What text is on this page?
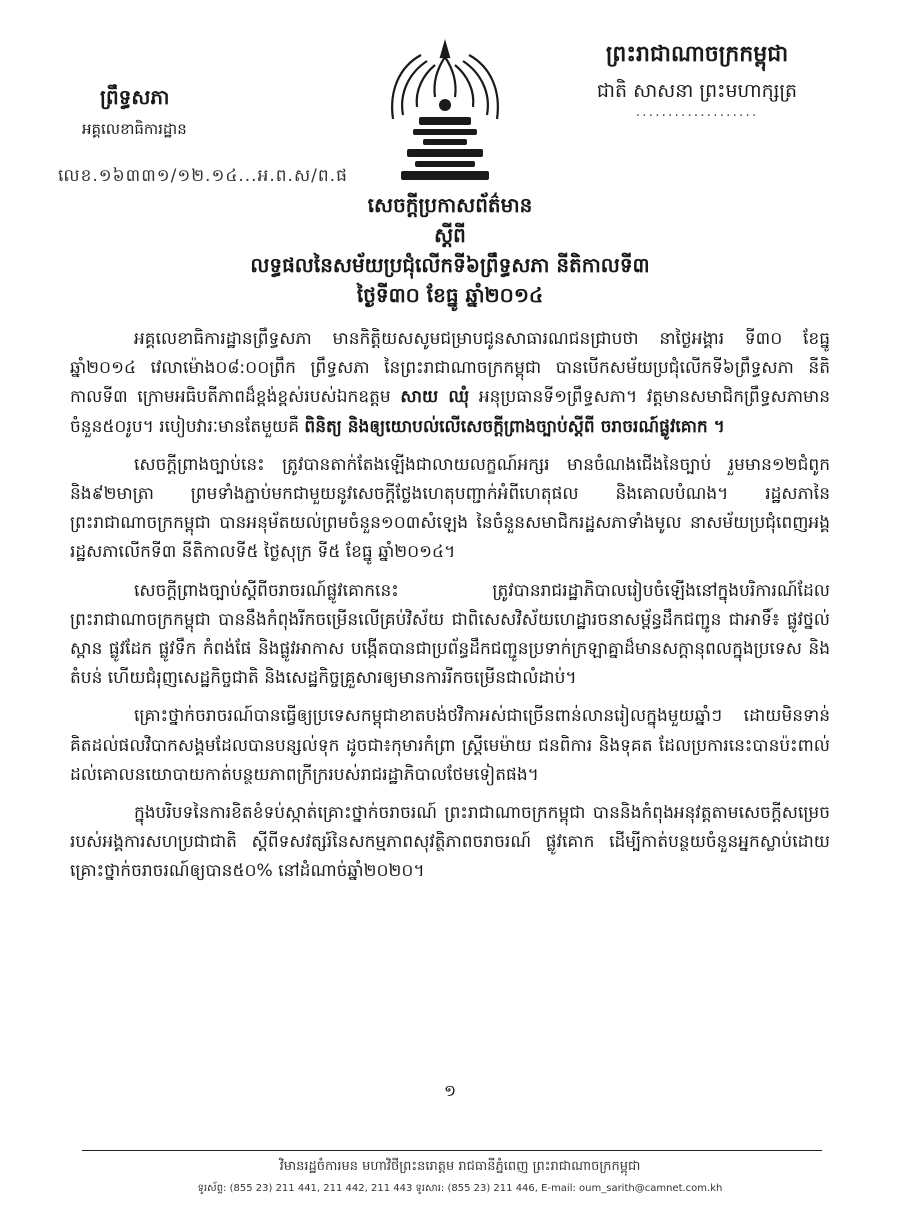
ព្រឹទ្ធសភា
អគ្គលេខាធិការដ្ឋាន
ព្រះរាជាណាចក្រកម្ពុជា
ជាតិ សាសនា ព្រះមហាក្សត្រ
···················
លេខ.១៦៣៣១/១២.១៤...អ.ព.ស/ព.ផ
សេចក្តីប្រកាសព័ត៌មាន
ស្តីពី
លទ្ធផលនៃសម័យប្រជុំលើកទី៦ព្រឹទ្ធសភា នីតិកាលទី៣
ថ្ងៃទី៣០ ខែធ្នូ ឆ្នាំ២០១៤

អគ្គលេខាធិការដ្ឋានព្រឹទ្ធសភា មានកិត្តិយសសូមជម្រាបជូនសាធារណជនជ្រាបថា នាថ្ងៃអង្គារ ទី៣០ ខែធ្នូ ឆ្នាំ២០១៤ វេលាម៉ោង០៨:០០ព្រឹក ព្រឹទ្ធសភា នៃព្រះរាជាណាចក្រកម្ពុជា បានបើកសម័យប្រជុំលើកទី៦ព្រឹទ្ធសភា នីតិកាលទី៣ ក្រោមអធិបតីភាពដ៏ខ្ពង់ខ្ពស់របស់ឯកឧត្តម សាយ ឈុំ អនុប្រធានទី១ព្រឹទ្ធសភា។ វត្តមានសមាជិកព្រឹទ្ធសភាមានចំនួន៥០រូប។ របៀបវារៈមានតែមួយគឺ ពិនិត្យ និងឲ្យយោបល់លើសេចក្តីព្រាងច្បាប់ស្តីពី ចរាចរណ៍ផ្លូវគោក ។

សេចក្តីព្រាងច្បាប់នេះ ត្រូវបានតាក់តែងឡើងជាលាយលក្ខណ៍អក្សរ មានចំណងជើងនៃច្បាប់ រួមមាន១២ជំពូក និង៩២មាត្រា ព្រមទាំងភ្ជាប់មកជាមួយនូវសេចក្តីថ្លែងហេតុបញ្ជាក់អំពីហេតុផល និងគោលបំណង។ រដ្ឋសភានៃព្រះរាជាណាចក្រកម្ពុជា បានអនុម័តយល់ព្រមចំនួន១០៣សំឡេង នៃចំនួនសមាជិករដ្ឋសភាទាំងមូល នាសម័យប្រជុំពេញអង្គរដ្ឋសភាលើកទី៣ នីតិកាលទី៥ ថ្ងៃសុក្រ ទី៥ ខែធ្នូ ឆ្នាំ២០១៤។

សេចក្តីព្រាងច្បាប់ស្តីពីចរាចរណ៍ផ្លូវគោកនេះ ត្រូវបានរាជរដ្ឋាភិបាលរៀបចំឡើងនៅក្នុងបរិការណ៍ដែលព្រះរាជាណាចក្រកម្ពុជា បាននឹងកំពុងរីកចម្រើនលើគ្រប់វិស័យ ជាពិសេសវិស័យហេដ្ឋារចនាសម្ព័ន្ធដឹកជញ្ជូន ជាអាទិ៍៖ ផ្លូវថ្នល់ ស្ពាន ផ្លូវដែក ផ្លូវទឹក កំពង់ផែ និងផ្លូវអាកាស បង្កើតបានជាប្រព័ន្ធដឹកជញ្ជូនប្រទាក់ក្រឡាគ្នាដ៏មានសក្តានុពលក្នុងប្រទេស និងតំបន់ ហើយជំរុញសេដ្ឋកិច្ចជាតិ និងសេដ្ឋកិច្ចគ្រួសារឲ្យមានការរីកចម្រើនជាលំដាប់។

គ្រោះថ្នាក់ចរាចរណ៍បានធ្វើឲ្យប្រទេសកម្ពុជាខាតបង់ថវិកាអស់ជាច្រើនពាន់លានរៀលក្នុងមួយឆ្នាំៗ ដោយមិនទាន់គិតដល់ផលវិបាកសង្គមដែលបានបន្សល់ទុក ដូចជា៖កុមារកំព្រា ស្ត្រីមេម៉ាយ ជនពិការ និងទុគត ដែលប្រការនេះបានប៉ះពាល់ដល់គោលនយោបាយកាត់បន្ថយភាពក្រីក្ររបស់រាជរដ្ឋាភិបាលថែមទៀតផង។

ក្នុងបរិបទនៃការខិតខំទប់ស្កាត់គ្រោះថ្នាក់ចរាចរណ៍ ព្រះរាជាណាចក្រកម្ពុជា បាននិងកំពុងអនុវត្តតាមសេចក្តីសម្រេចរបស់អង្គការសហប្រជាជាតិ ស្តីពីទសវត្សរ៍នៃសកម្មភាពសុវត្ថិភាពចរាចរណ៍ ផ្លូវគោក ដើម្បីកាត់បន្ថយចំនួនអ្នកស្លាប់ដោយគ្រោះថ្នាក់ចរាចរណ៍ឲ្យបាន៥០% នៅដំណាច់ឆ្នាំ២០២០។

១
វិមានរដ្ឋចំការមន មហាវិថីព្រះនរោត្តម រាជធានីភ្នំពេញ ព្រះរាជាណាចក្រកម្ពុជា
ទូរស័ព្ទ: (855 23) 211 441, 211 442, 211 443 ទូរសារ: (855 23) 211 446, E-mail: oum_sarith@camnet.com.kh
